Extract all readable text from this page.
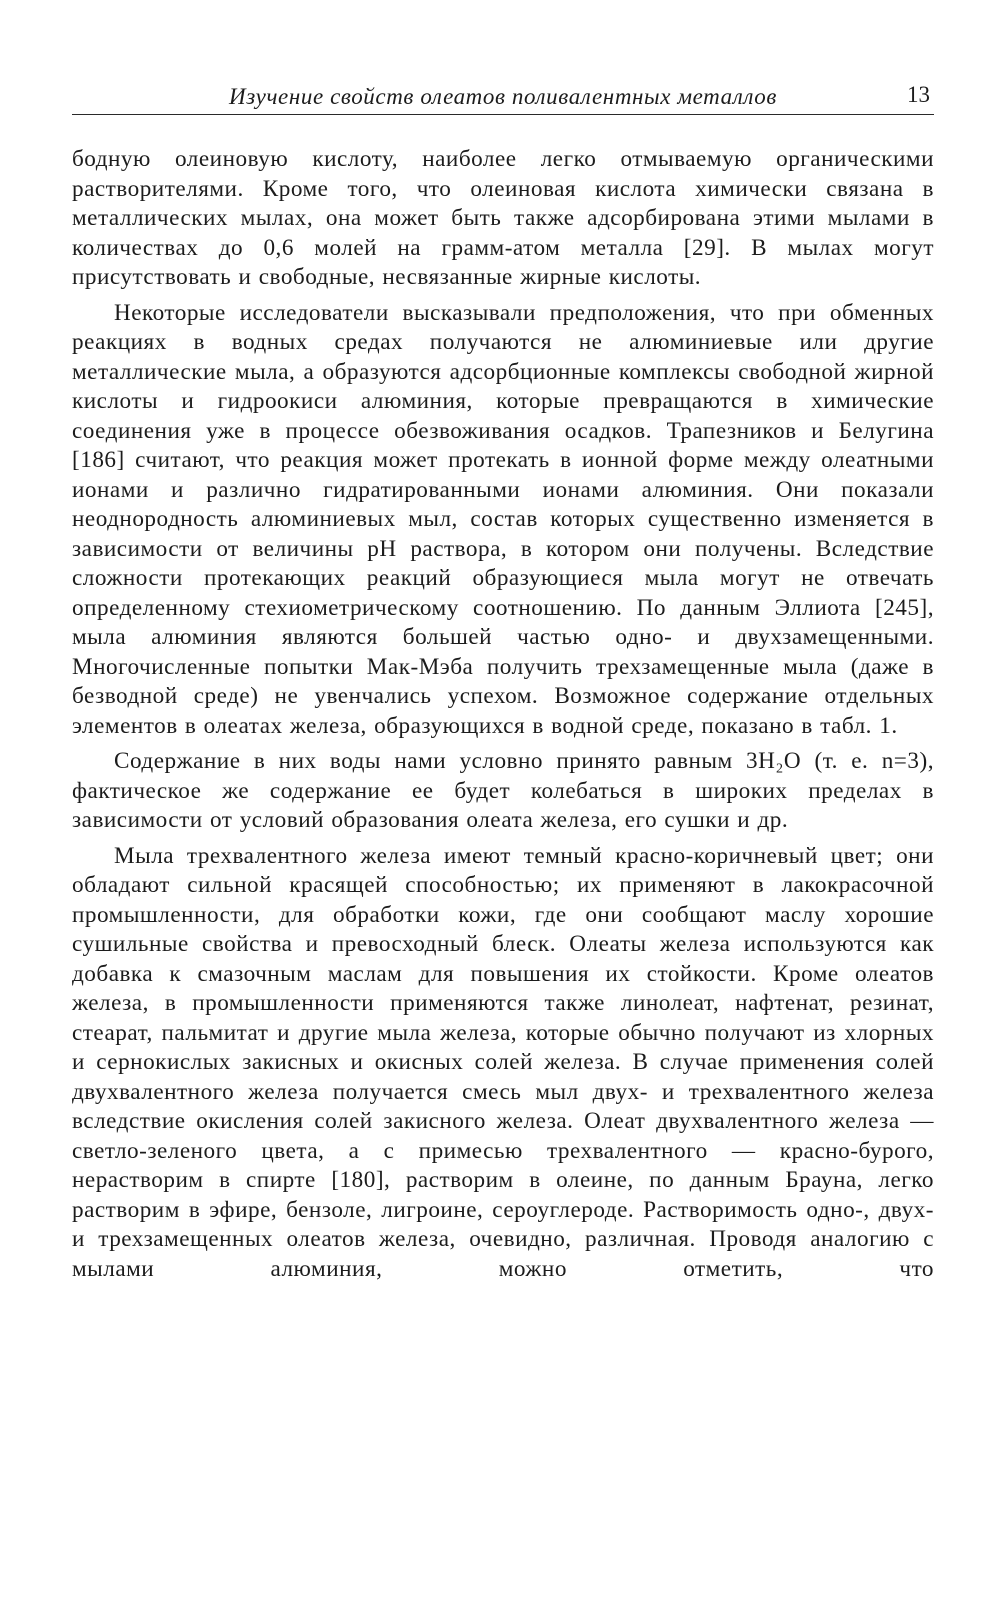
Изучение свойств олеатов поливалентных металлов	13

бодную олеиновую кислоту, наиболее легко отмываемую органическими растворителями. Кроме того, что олеиновая кислота химически связана в металлических мылах, она может быть также адсорбирована этими мылами в количествах до 0,6 молей на грамм-атом металла [29]. В мылах могут присутствовать и свободные, несвязанные жирные кислоты.

Некоторые исследователи высказывали предположения, что при обменных реакциях в водных средах получаются не алюминиевые или другие металлические мыла, а образуются адсорбционные комплексы свободной жирной кислоты и гидроокиси алюминия, которые превращаются в химические соединения уже в процессе обезвоживания осадков. Трапезников и Белугина [186] считают, что реакция может протекать в ионной форме между олеатными ионами и различно гидратированными ионами алюминия. Они показали неоднородность алюминиевых мыл, состав которых существенно изменяется в зависимости от величины pH раствора, в котором они получены. Вследствие сложности протекающих реакций образующиеся мыла могут не отвечать определенному стехиометрическому соотношению. По данным Эллиота [245], мыла алюминия являются большей частью одно- и двухзамещенными. Многочисленные попытки Мак-Мэба получить трехзамещенные мыла (даже в безводной среде) не увенчались успехом. Возможное содержание отдельных элементов в олеатах железа, образующихся в водной среде, показано в табл. 1.

Содержание в них воды нами условно принято равным 3H₂O (т. е. n=3), фактическое же содержание ее будет колебаться в широких пределах в зависимости от условий образования олеата железа, его сушки и др.

Мыла трехвалентного железа имеют темный красно-коричневый цвет; они обладают сильной красящей способностью; их применяют в лакокрасочной промышленности, для обработки кожи, где они сообщают маслу хорошие сушильные свойства и превосходный блеск. Олеаты железа используются как добавка к смазочным маслам для повышения их стойкости. Кроме олеатов железа, в промышленности применяются также линолеат, нафтенат, резинат, стеарат, пальмитат и другие мыла железа, которые обычно получают из хлорных и сернокислых закисных и окисных солей железа. В случае применения солей двухвалентного железа получается смесь мыл двух- и трехвалентного железа вследствие окисления солей закисного железа. Олеат двухвалентного железа — светло-зеленого цвета, а с примесью трехвалентного — красно-бурого, нерастворим в спирте [180], растворим в олеине, по данным Брауна, легко растворим в эфире, бензоле, лигроине, сероуглероде. Растворимость одно-, двух- и трехзамещенных олеатов железа, очевидно, различная. Проводя аналогию с мылами алюминия, можно отметить, что
